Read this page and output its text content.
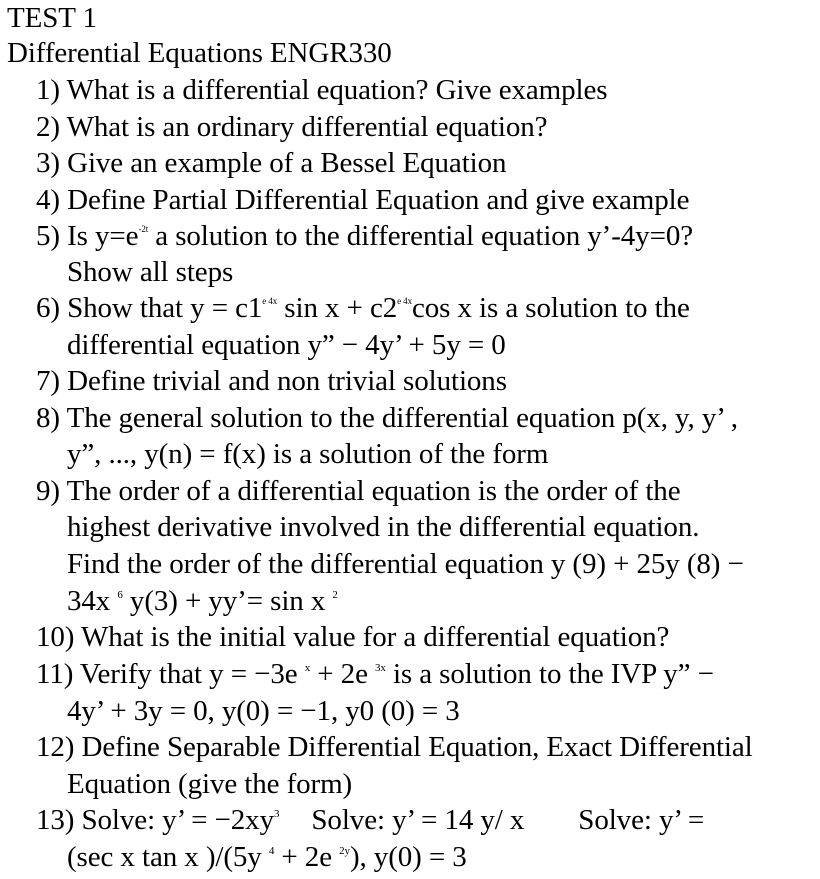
TEST 1
Differential Equations ENGR330
1) What is a differential equation? Give examples
2) What is an ordinary differential equation?
3) Give an example of a Bessel Equation
4) Define Partial Differential Equation and give example
5) Is $y=e^{-2t}$ a solution to the differential equation y’-4y=0?
Show all steps
6) Show that $y = c1^{e 4x}$ $\sin x + c2^{e 4x}\cos$ x is a solution to the
differential equation y” − 4y’ + 5y = 0
7) Define trivial and non trivial solutions
8) The general solution to the differential equation p(x, y, y’ ,
y”, ..., y(n) = f(x) is a solution of the form
9) The order of a differential equation is the order of the
highest derivative involved in the differential equation.
Find the order of the differential equation y (9) + 25y (8) −
34x $^6$ y(3) + yy’= sin x $^2$
10) What is the initial value for a differential equation?
11) Verify that y = −3e $^x$ + 2e $^{3x}$ is a solution to the IVP y” −
4y’ + 3y = 0, y(0) = −1, y0 (0) = 3
12) Define Separable Differential Equation, Exact Differential
Equation (give the form)
13) Solve: y’ = $-2xy^3$ Solve: y’ = 14 y/ x Solve: y’ =
(sec x tan x )/(5y $^4$ + 2e $^{2y}$), y(0) = 3
